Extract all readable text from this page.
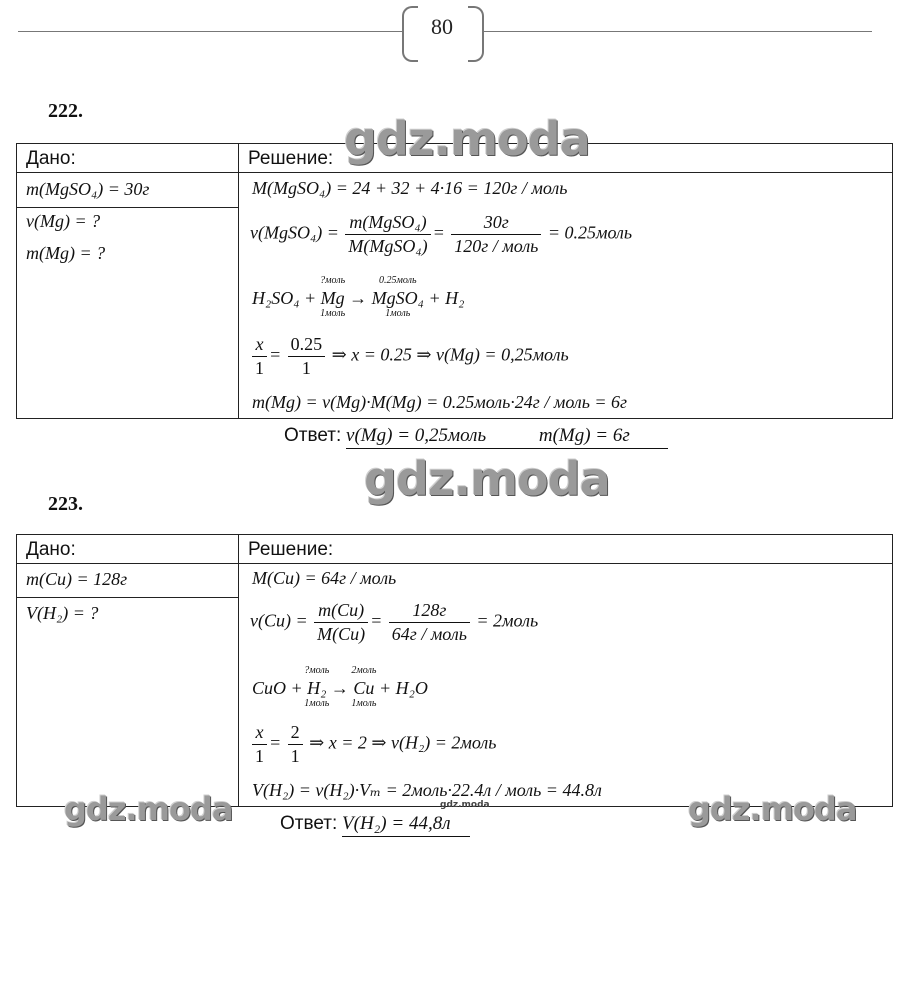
80
222.
Дано:	Решение:
m(MgSO₄) = 30г
ν(Mg) = ?
m(Mg) = ?
M(MgSO₄) = 24 + 32 + 4·16 = 120г / моль
ν(MgSO₄) = $\frac{\text{m(MgSO₄)}}{\text{M(MgSO₄)}} = \frac{30г}{\text{120г / моль}}$ = 0.25моль
H₂SO₄ +
?моль
Mg
1моль
→
0.25моль
MgSO₄
1моль
+ H₂
$\frac{x}{1} = \frac{0.25}{1}$ ⇒ x = 0.25 ⇒ ν(Mg) = 0,25моль
m(Mg) = ν(Mg)·M(Mg) = 0.25моль·24г / моль = 6г
Ответ: ν(Mg) = 0,25моль	m(Mg) = 6г
223.
Дано:	Решение:
m(Cu) = 128г
V(H₂) = ?
M(Cu) = 64г / моль
$\nu(Cu) = \frac{m(Cu)}{M(Cu)} = \frac{128г}{\text{64г / моль}}$ = 2моль
CuO +
?моль
H₂
1моль
→
2моль
Cu
1моль
+ H₂O
$\frac{x}{1} = \frac{2}{1}$ ⇒ x = 2 ⇒ ν(H₂) = 2моль
V(H₂) = ν(H₂)·Vₘ = 2моль·22.4л / моль = 44.8л
Ответ: V(H₂) = 44,8л
gdz.moda
gdz.moda
gdz.moda	gdz.moda
gdz.moda
